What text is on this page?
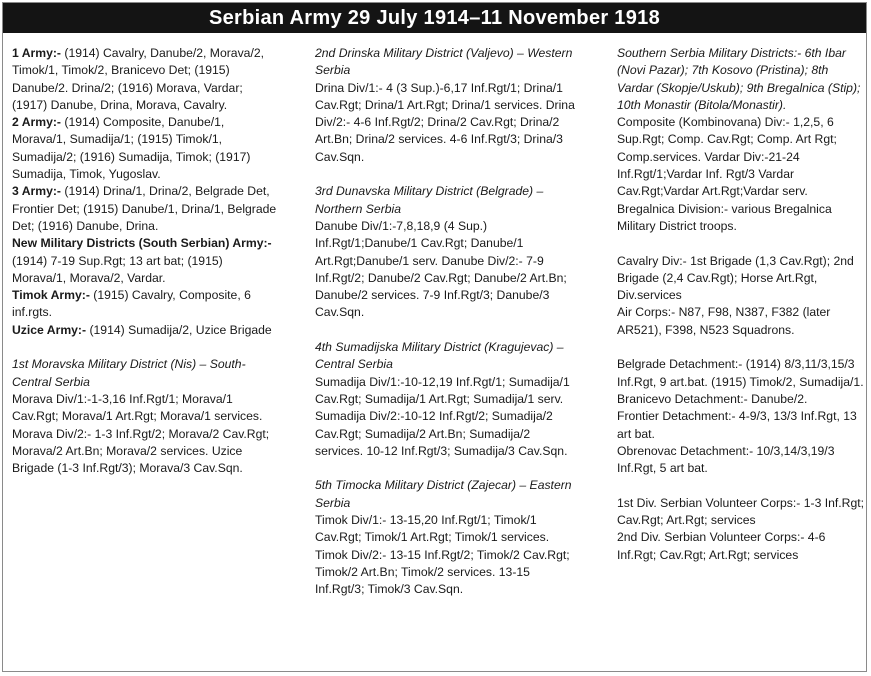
Serbian Army 29 July 1914–11 November 1918

1 Army:- (1914) Cavalry, Danube/2, Morava/2, Timok/1, Timok/2, Branicevo Det; (1915) Danube/2. Drina/2; (1916) Morava, Vardar; (1917) Danube, Drina, Morava, Cavalry.

2 Army:- (1914) Composite, Danube/1, Morava/1, Sumadija/1; (1915) Timok/1, Sumadija/2; (1916) Sumadija, Timok; (1917) Sumadija, Timok, Yugoslav.

3 Army:- (1914) Drina/1, Drina/2, Belgrade Det, Frontier Det; (1915) Danube/1, Drina/1, Belgrade Det; (1916) Danube, Drina.

New Military Districts (South Serbian) Army:- (1914) 7-19 Sup.Rgt; 13 art bat; (1915) Morava/1, Morava/2, Vardar.

Timok Army:- (1915) Cavalry, Composite, 6 inf.rgts.

Uzice Army:- (1914) Sumadija/2, Uzice Brigade

1st Moravska Military District (Nis) – South-Central Serbia

Morava Div/1:-1-3,16 Inf.Rgt/1; Morava/1 Cav.Rgt; Morava/1 Art.Rgt; Morava/1 services. Morava Div/2:- 1-3 Inf.Rgt/2; Morava/2 Cav.Rgt; Morava/2 Art.Bn; Morava/2 services. Uzice Brigade (1-3 Inf.Rgt/3); Morava/3 Cav.Sqn.

2nd Drinska Military District (Valjevo) – Western Serbia

Drina Div/1:- 4 (3 Sup.)-6,17 Inf.Rgt/1; Drina/1 Cav.Rgt; Drina/1 Art.Rgt; Drina/1 services. Drina Div/2:- 4-6 Inf.Rgt/2; Drina/2 Cav.Rgt; Drina/2 Art.Bn; Drina/2 services. 4-6 Inf.Rgt/3; Drina/3 Cav.Sqn.

3rd Dunavska Military District (Belgrade) – Northern Serbia

Danube Div/1:-7,8,18,9 (4 Sup.) Inf.Rgt/1;Danube/1 Cav.Rgt; Danube/1 Art.Rgt;Danube/1 serv. Danube Div/2:- 7-9 Inf.Rgt/2; Danube/2 Cav.Rgt; Danube/2 Art.Bn; Danube/2 services. 7-9 Inf.Rgt/3; Danube/3 Cav.Sqn.

4th Sumadijska Military District (Kragujevac) – Central Serbia

Sumadija Div/1:-10-12,19 Inf.Rgt/1; Sumadija/1 Cav.Rgt; Sumadija/1 Art.Rgt; Sumadija/1 serv. Sumadija Div/2:-10-12 Inf.Rgt/2; Sumadija/2 Cav.Rgt; Sumadija/2 Art.Bn; Sumadija/2 services. 10-12 Inf.Rgt/3; Sumadija/3 Cav.Sqn.

5th Timocka Military District (Zajecar) – Eastern Serbia

Timok Div/1:- 13-15,20 Inf.Rgt/1; Timok/1 Cav.Rgt; Timok/1 Art.Rgt; Timok/1 services. Timok Div/2:- 13-15 Inf.Rgt/2; Timok/2 Cav.Rgt; Timok/2 Art.Bn; Timok/2 services. 13-15 Inf.Rgt/3; Timok/3 Cav.Sqn.

Southern Serbia Military Districts:- 6th Ibar (Novi Pazar); 7th Kosovo (Pristina); 8th Vardar (Skopje/Uskub); 9th Bregalnica (Stip); 10th Monastir (Bitola/Monastir).

Composite (Kombinovana) Div:- 1,2,5, 6 Sup.Rgt; Comp. Cav.Rgt; Comp. Art Rgt; Comp.services. Vardar Div:-21-24 Inf.Rgt/1;Vardar Inf. Rgt/3 Vardar Cav.Rgt;Vardar Art.Rgt;Vardar serv. Bregalnica Division:- various Bregalnica Military District troops.

Cavalry Div:- 1st Brigade (1,3 Cav.Rgt); 2nd Brigade (2,4 Cav.Rgt); Horse Art.Rgt, Div.services

Air Corps:- N87, F98, N387, F382 (later AR521), F398, N523 Squadrons.

Belgrade Detachment:- (1914) 8/3,11/3,15/3 Inf.Rgt, 9 art.bat. (1915) Timok/2, Sumadija/1.

Branicevo Detachment:- Danube/2.

Frontier Detachment:- 4-9/3, 13/3 Inf.Rgt, 13 art bat.

Obrenovac Detachment:- 10/3,14/3,19/3 Inf.Rgt, 5 art bat.

1st Div. Serbian Volunteer Corps:- 1-3 Inf.Rgt; Cav.Rgt; Art.Rgt; services

2nd Div. Serbian Volunteer Corps:- 4-6 Inf.Rgt; Cav.Rgt; Art.Rgt; services
